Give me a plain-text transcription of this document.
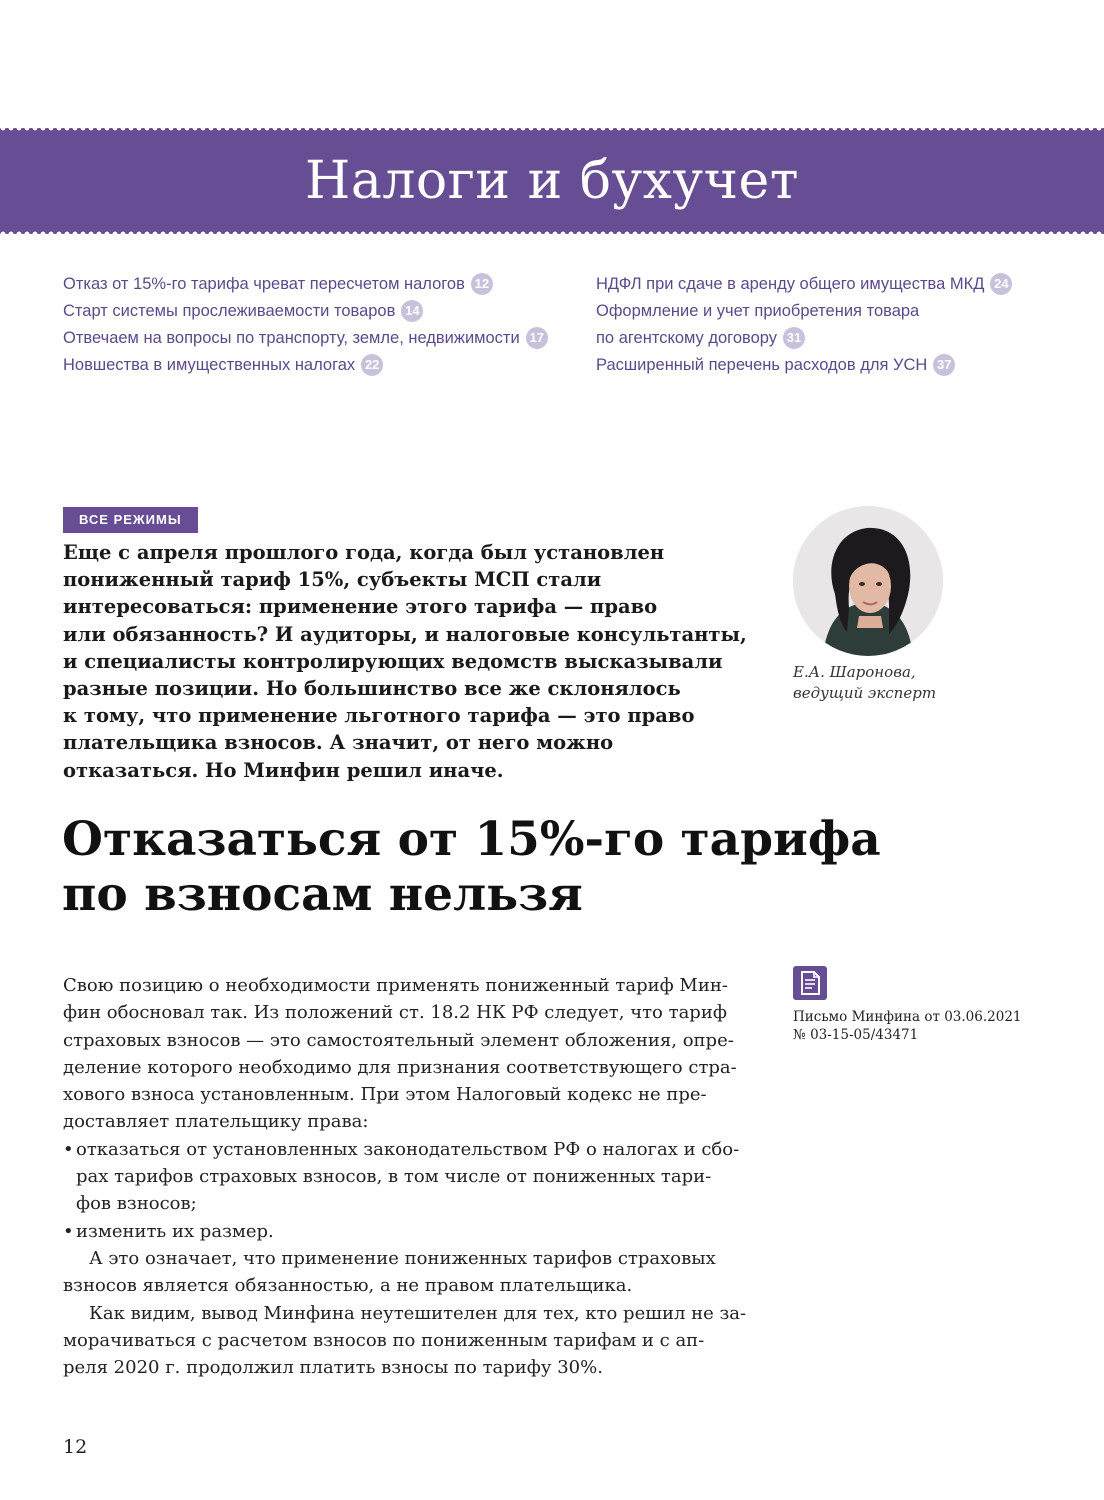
Налоги и бухучет
Отказ от 15%-го тарифа чреват пересчетом налогов 12
Старт системы прослеживаемости товаров 14
Отвечаем на вопросы по транспорту, земле, недвижимости 17
Новшества в имущественных налогах 22
НДФЛ при сдаче в аренду общего имущества МКД 24
Оформление и учет приобретения товара
по агентскому договору 31
Расширенный перечень расходов для УСН 37
ВСЕ РЕЖИМЫ
Еще с апреля прошлого года, когда был установлен
пониженный тариф 15%, субъекты МСП стали
интересоваться: применение этого тарифа — право
или обязанность? И аудиторы, и налоговые консультанты,
и специалисты контролирующих ведомств высказывали
разные позиции. Но большинство все же склонялось
к тому, что применение льготного тарифа — это право
плательщика взносов. А значит, от него можно
отказаться. Но Минфин решил иначе.
Е.А. Шаронова,
ведущий эксперт
Отказаться от 15%-го тарифа
по взносам нельзя
Свою позицию о необходимости применять пониженный тариф Мин-
фин обосновал так. Из положений ст. 18.2 НК РФ следует, что тариф
страховых взносов — это самостоятельный элемент обложения, опре-
деление которого необходимо для признания соответствующего стра-
хового взноса установленным. При этом Налоговый кодекс не пре-
доставляет плательщику права:
• отказаться от установленных законодательством РФ о налогах и сбо-
рах тарифов страховых взносов, в том числе от пониженных тари-
фов взносов;
• изменить их размер.
А это означает, что применение пониженных тарифов страховых
взносов является обязанностью, а не правом плательщика.
Как видим, вывод Минфина неутешителен для тех, кто решил не за-
морачиваться с расчетом взносов по пониженным тарифам и с ап-
реля 2020 г. продолжил платить взносы по тарифу 30%.
Письмо Минфина от 03.06.2021
№ 03-15-05/43471
12
